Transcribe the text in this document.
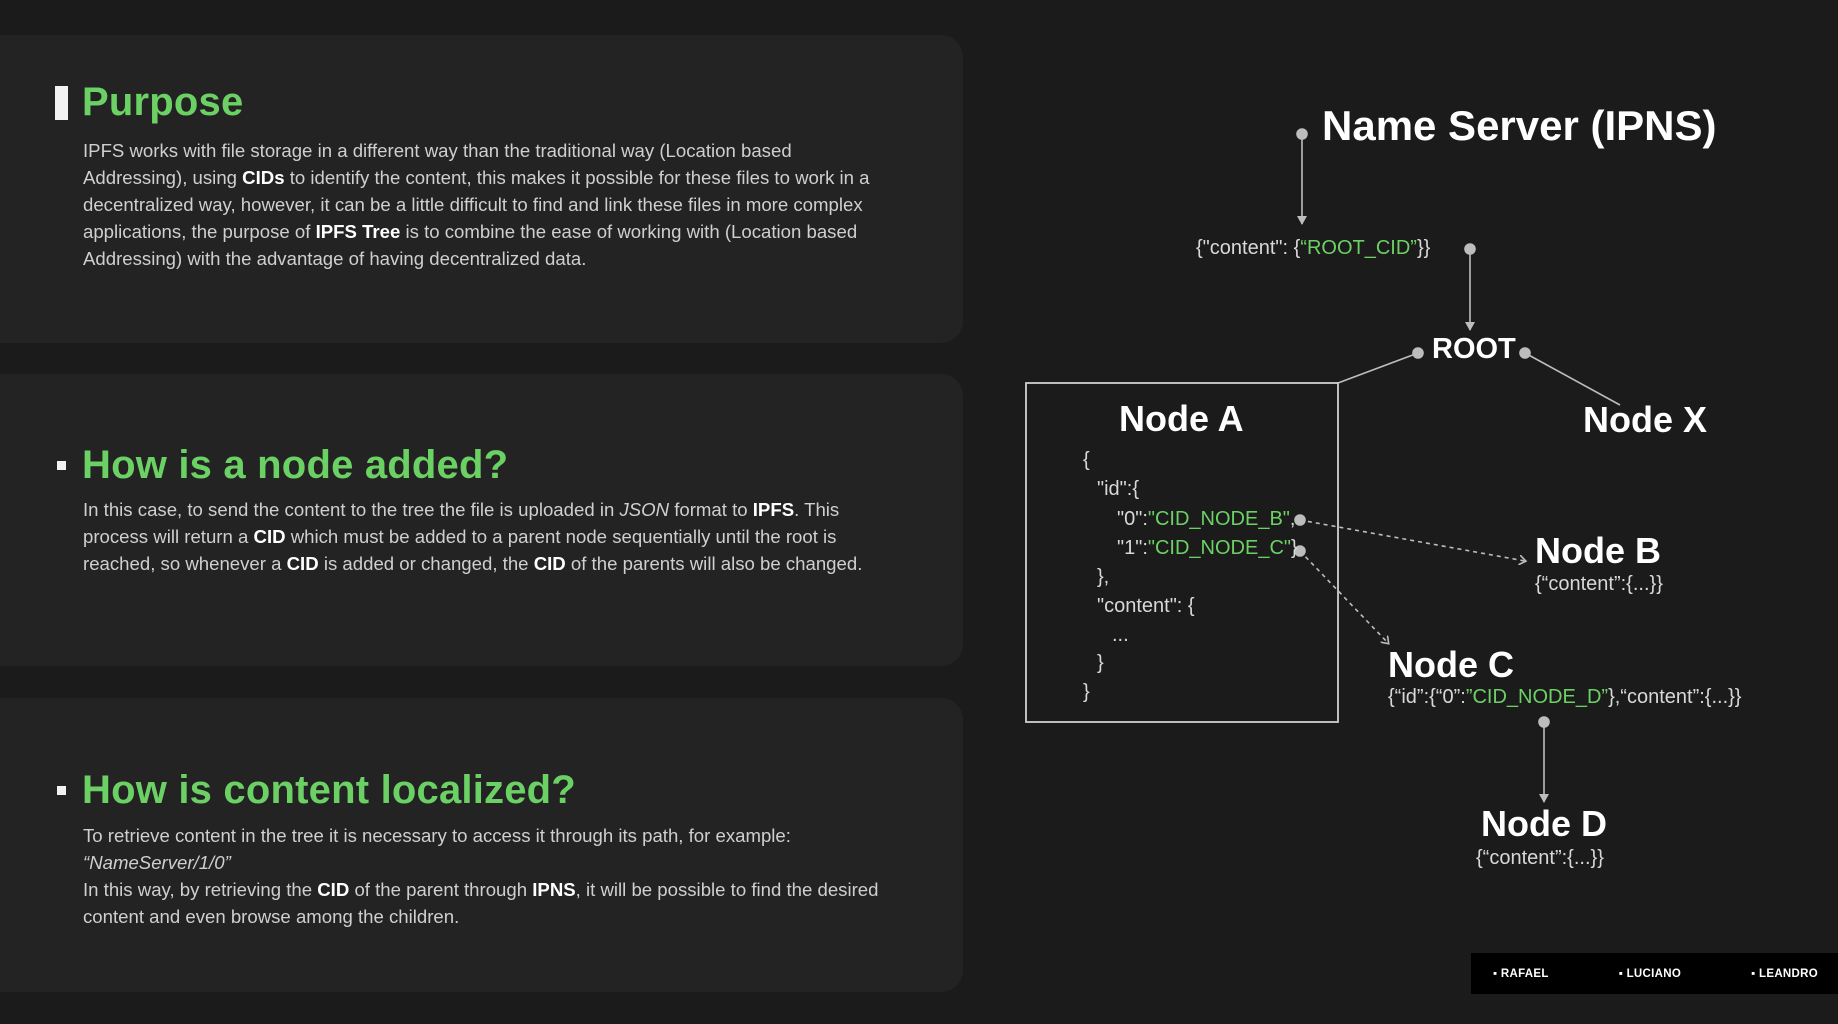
Purpose
IPFS works with file storage in a different way than the traditional way (Location based Addressing), using CIDs to identify the content, this makes it possible for these files to work in a decentralized way, however, it can be a little difficult to find and link these files in more complex applications, the purpose of IPFS Tree is to combine the ease of working with (Location based Addressing) with the advantage of having decentralized data.
How is a node added?
In this case, to send the content to the tree the file is uploaded in JSON format to IPFS. This process will return a CID which must be added to a parent node sequentially until the root is reached, so whenever a CID is added or changed, the CID of the parents will also be changed.
How is content localized?
To retrieve content in the tree it is necessary to access it through its path, for example: “NameServer/1/0”
In this way, by retrieving the CID of the parent through IPNS, it will be possible to find the desired content and even browse among the children.
Name Server (IPNS)
{"content": {“ROOT_CID”}}
ROOT
Node A
{
"id":{
"0":"CID_NODE_B",
"1":"CID_NODE_C"}
},
"content": {
...
}
}
Node X
Node B
{“content”:{...}}
Node C
{“id”:{“0”:”CID_NODE_D”},“content”:{...}}
Node D
{“content”:{...}}
▪ RAFAEL	▪ LUCIANO	▪ LEANDRO
